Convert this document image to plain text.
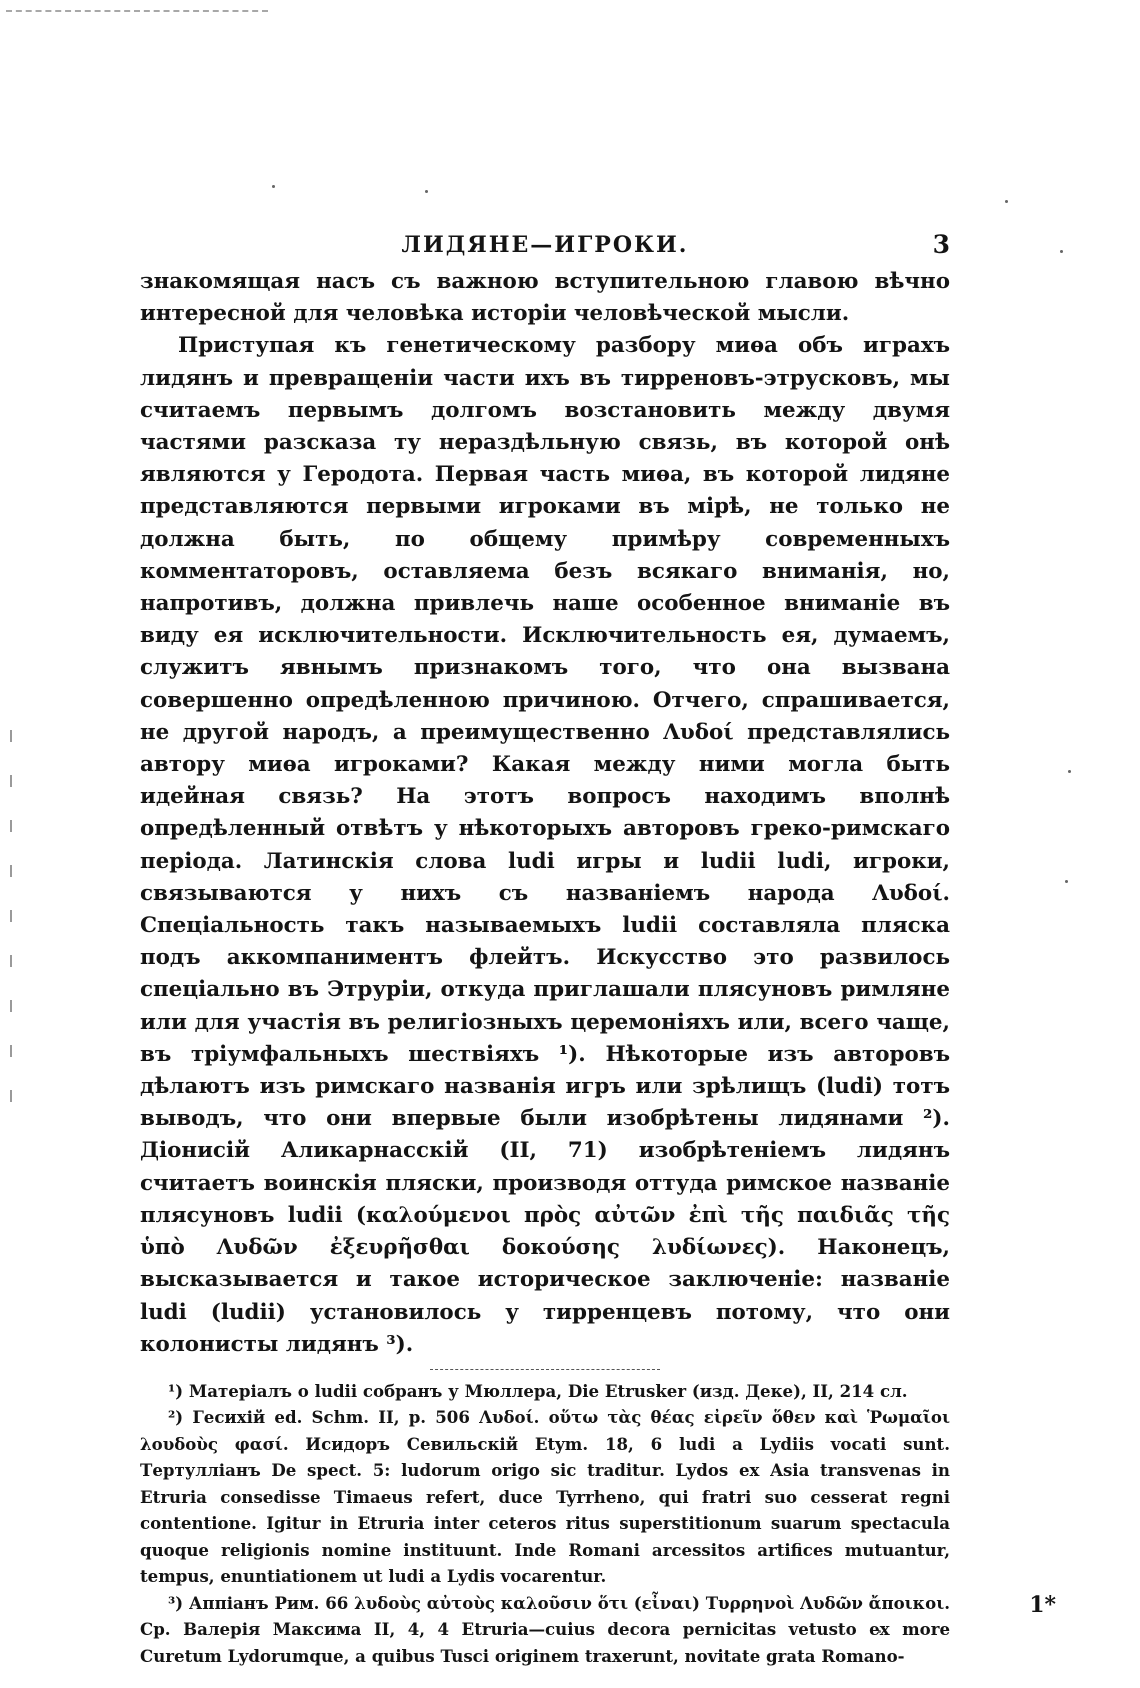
ЛИДЯНЕ—ИГРОКИ.	3

знакомящая насъ съ важною вступительною главою вѣчно интересной для человѣка исторіи человѣческой мысли.

Приступая къ генетическому разбору миѳа объ играхъ лидянъ и превращеніи части ихъ въ тирреновъ-этрусковъ, мы считаемъ первымъ долгомъ возстановить между двумя частями разсказа ту нераздѣльную связь, въ которой онѣ являются у Геродота. Первая часть миѳа, въ которой лидяне представляются первыми игроками въ мірѣ, не только не должна быть, по общему примѣру современныхъ комментаторовъ, оставляема безъ всякаго вниманія, но, напротивъ, должна привлечь наше особенное вниманіе въ виду ея исключительности. Исключительность ея, думаемъ, служитъ явнымъ признакомъ того, что она вызвана совершенно опредѣленною причиною. Отчего, спрашивается, не другой народъ, а преимущественно Λυδοί представлялись автору миѳа игроками? Какая между ними могла быть идейная связь? На этотъ вопросъ находимъ вполнѣ опредѣленный отвѣтъ у нѣкоторыхъ авторовъ греко-римскаго періода. Латинскія слова ludi игры и ludii ludi, игроки, связываются у нихъ съ названіемъ народа Λυδοί. Спеціальность такъ называемыхъ ludii составляла пляска подъ аккомпаниментъ флейтъ. Искусство это развилось спеціально въ Этруріи, откуда приглашали плясуновъ римляне или для участія въ религіозныхъ церемоніяхъ или, всего чаще, въ тріумфальныхъ шествіяхъ ¹). Нѣкоторые изъ авторовъ дѣлаютъ изъ римскаго названія игръ или зрѣлищъ (ludi) тотъ выводъ, что они впервые были изобрѣтены лидянами ²). Діонисій Аликарнасскій (II, 71) изобрѣтеніемъ лидянъ считаетъ воинскія пляски, производя оттуда римское названіе плясуновъ ludii (καλούμενοι πρὸς αὐτῶν ἐπὶ τῆς παιδιᾶς τῆς ὑπὸ Λυδῶν ἐξευρῆσθαι δοκούσης λυδίωνες). Наконецъ, высказывается и такое историческое заключеніе: названіе ludi (ludii) установилось у тирренцевъ потому, что они колонисты лидянъ ³).

¹) Матеріалъ о ludii собранъ у Мюллера, Die Etrusker (изд. Деке), II, 214 сл.

²) Гесихій ed. Schm. II, p. 506 Λυδοί. οὕτω τὰς θέας εἰρεῖν ὅθεν καὶ Ῥωμαῖοι λουδοὺς φασί. Исидоръ Севильскій Etym. 18, 6 ludi a Lydiis vocati sunt. Тертулліанъ De spect. 5: ludorum origo sic traditur. Lydos ex Asia transvenas in Etruria consedisse Timaeus refert, duce Tyrrheno, qui fratri suo cesserat regni contentione. Igitur in Etruria inter ceteros ritus superstitionum suarum spectacula quoque religionis nomine instituunt. Inde Romani arcessitos artifices mutuantur, tempus, enuntiationem ut ludi a Lydis vocarentur.

³) Аппіанъ Рим. 66 λυδοὺς αὐτοὺς καλοῦσιν ὅτι (εἶναι) Τυρρηνοὶ Λυδῶν ἄποικοι. Ср. Валерія Максима II, 4, 4 Etruria—cuius decora pernicitas vetusto ex more Curetum Lydorumque, a quibus Tusci originem traxerunt, novitate grata Romano-

1*
